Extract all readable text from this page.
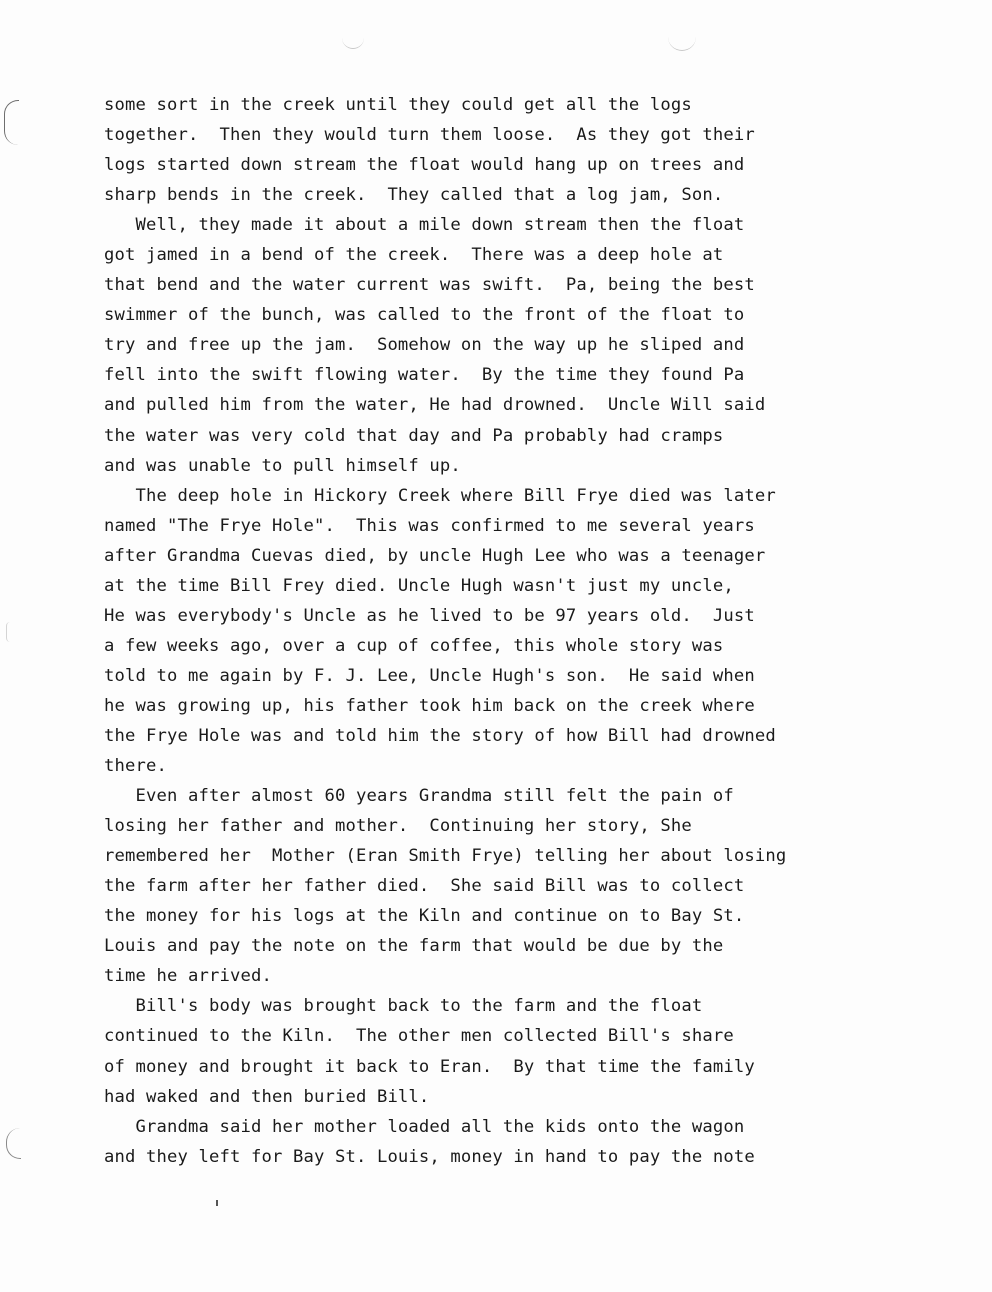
some sort in the creek until they could get all the logs
together.  Then they would turn them loose.  As they got their
logs started down stream the float would hang up on trees and
sharp bends in the creek.  They called that a log jam, Son.
Well, they made it about a mile down stream then the float
got jamed in a bend of the creek.  There was a deep hole at
that bend and the water current was swift.  Pa, being the best
swimmer of the bunch, was called to the front of the float to
try and free up the jam.  Somehow on the way up he sliped and
fell into the swift flowing water.  By the time they found Pa
and pulled him from the water, He had drowned.  Uncle Will said
the water was very cold that day and Pa probably had cramps
and was unable to pull himself up.
The deep hole in Hickory Creek where Bill Frye died was later
named "The Frye Hole".  This was confirmed to me several years
after Grandma Cuevas died, by uncle Hugh Lee who was a teenager
at the time Bill Frey died. Uncle Hugh wasn't just my uncle,
He was everybody's Uncle as he lived to be 97 years old.  Just
a few weeks ago, over a cup of coffee, this whole story was
told to me again by F. J. Lee, Uncle Hugh's son.  He said when
he was growing up, his father took him back on the creek where
the Frye Hole was and told him the story of how Bill had drowned
there.
Even after almost 60 years Grandma still felt the pain of
losing her father and mother.  Continuing her story, She
remembered her  Mother (Eran Smith Frye) telling her about losing
the farm after her father died.  She said Bill was to collect
the money for his logs at the Kiln and continue on to Bay St.
Louis and pay the note on the farm that would be due by the
time he arrived.
Bill's body was brought back to the farm and the float
continued to the Kiln.  The other men collected Bill's share
of money and brought it back to Eran.  By that time the family
had waked and then buried Bill.
Grandma said her mother loaded all the kids onto the wagon
and they left for Bay St. Louis, money in hand to pay the note
